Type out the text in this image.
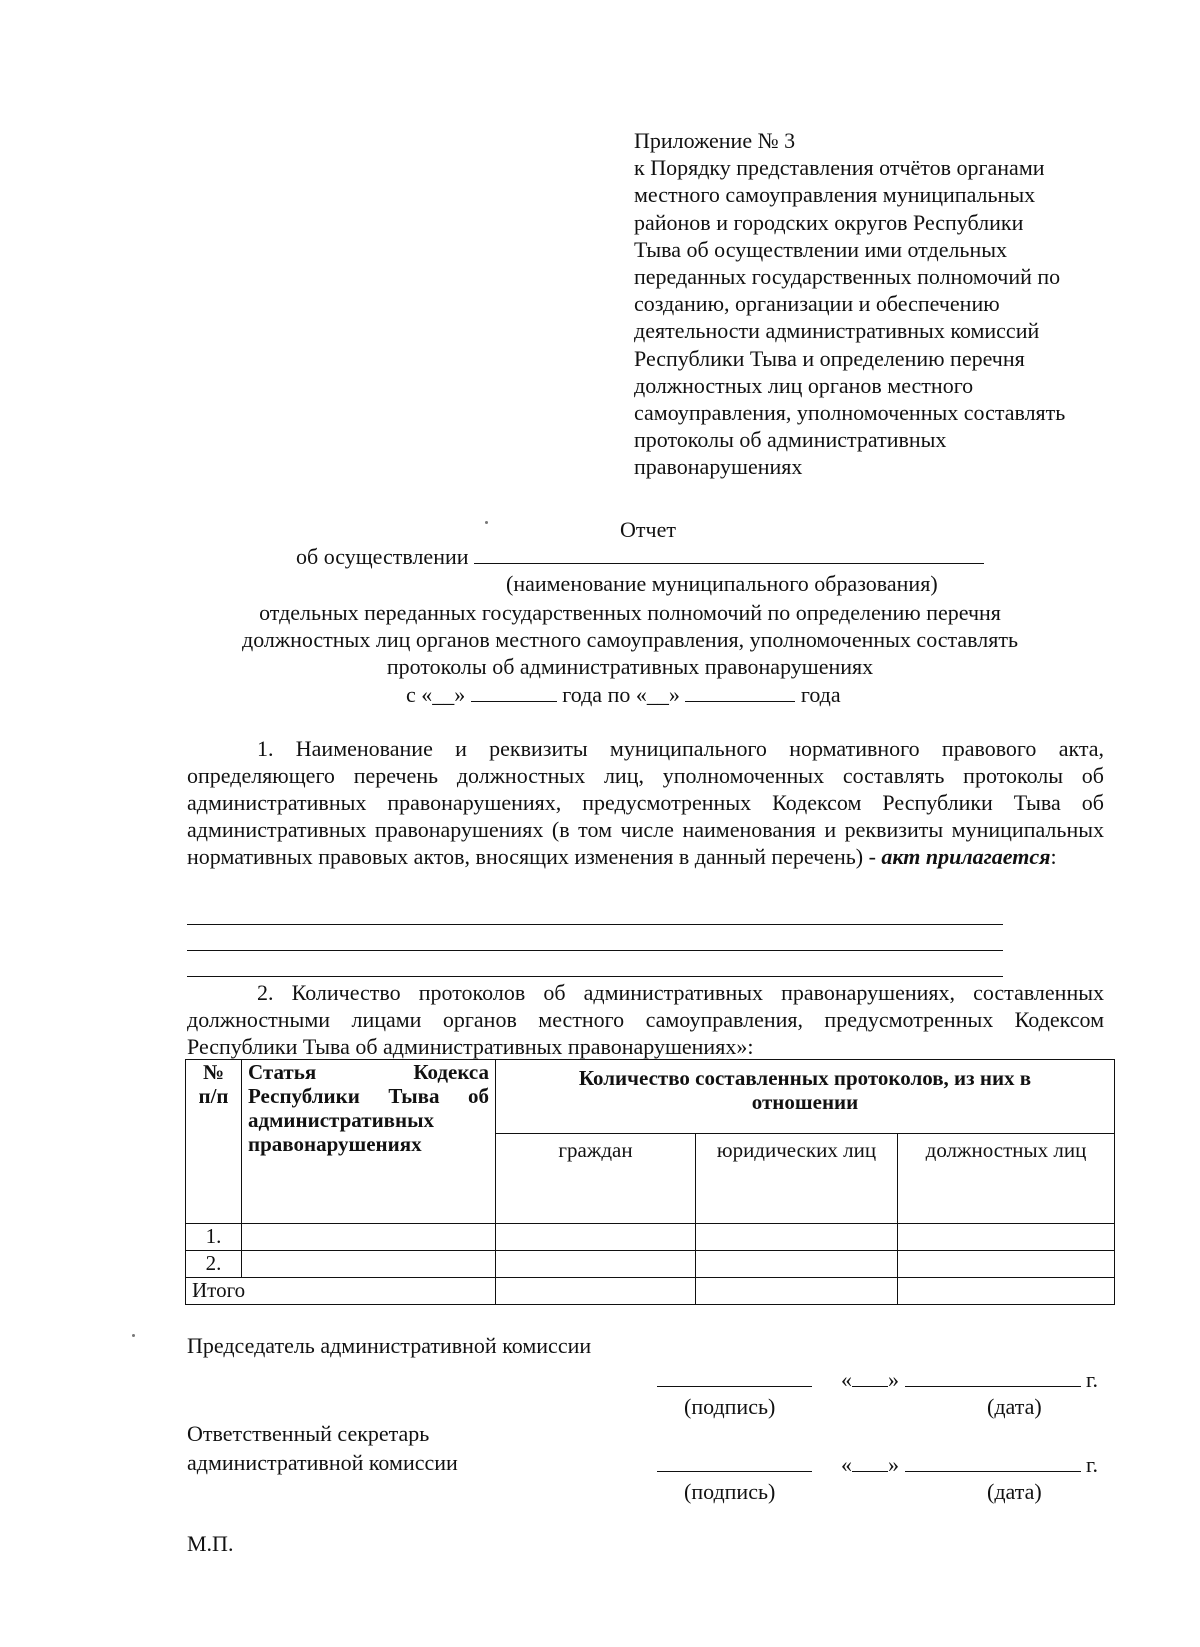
Приложение № 3
к Порядку представления отчётов органами
местного самоуправления муниципальных
районов и городских округов Республики
Тыва об осуществлении ими отдельных
переданных государственных полномочий по
созданию, организации и обеспечению
деятельности административных комиссий
Республики Тыва и определению перечня
должностных лиц органов местного
самоуправления, уполномоченных составлять
протоколы об административных
правонарушениях
Отчет
об осуществлении
(наименование муниципального образования)
отдельных переданных государственных полномочий по определению перечня
должностных лиц органов местного самоуправления, уполномоченных составлять
протоколы об административных правонарушениях
с «__»	года по «__»	года
1. Наименование и реквизиты муниципального нормативного правового акта, определяющего перечень должностных лиц, уполномоченных составлять протоколы об административных правонарушениях, предусмотренных Кодексом Республики Тыва об административных правонарушениях (в том числе наименования и реквизиты муниципальных нормативных правовых актов, вносящих изменения в данный перечень) - акт прилагается:
2. Количество протоколов об административных правонарушениях, составленных должностными лицами органов местного самоуправления, предусмотренных Кодексом Республики Тыва об административных правонарушениях»:
№ п/п	Статья Кодекса Республики Тыва об административных правонарушениях	Количество составленных протоколов, из них в отношении		
		граждан	юридических лиц	должностных лиц
1.				
2.				
Итого				
Председатель административной комиссии
« »	г.
(подпись)	(дата)
Ответственный секретарь
административной комиссии	« »	г.
(подпись)	(дата)
М.П.
